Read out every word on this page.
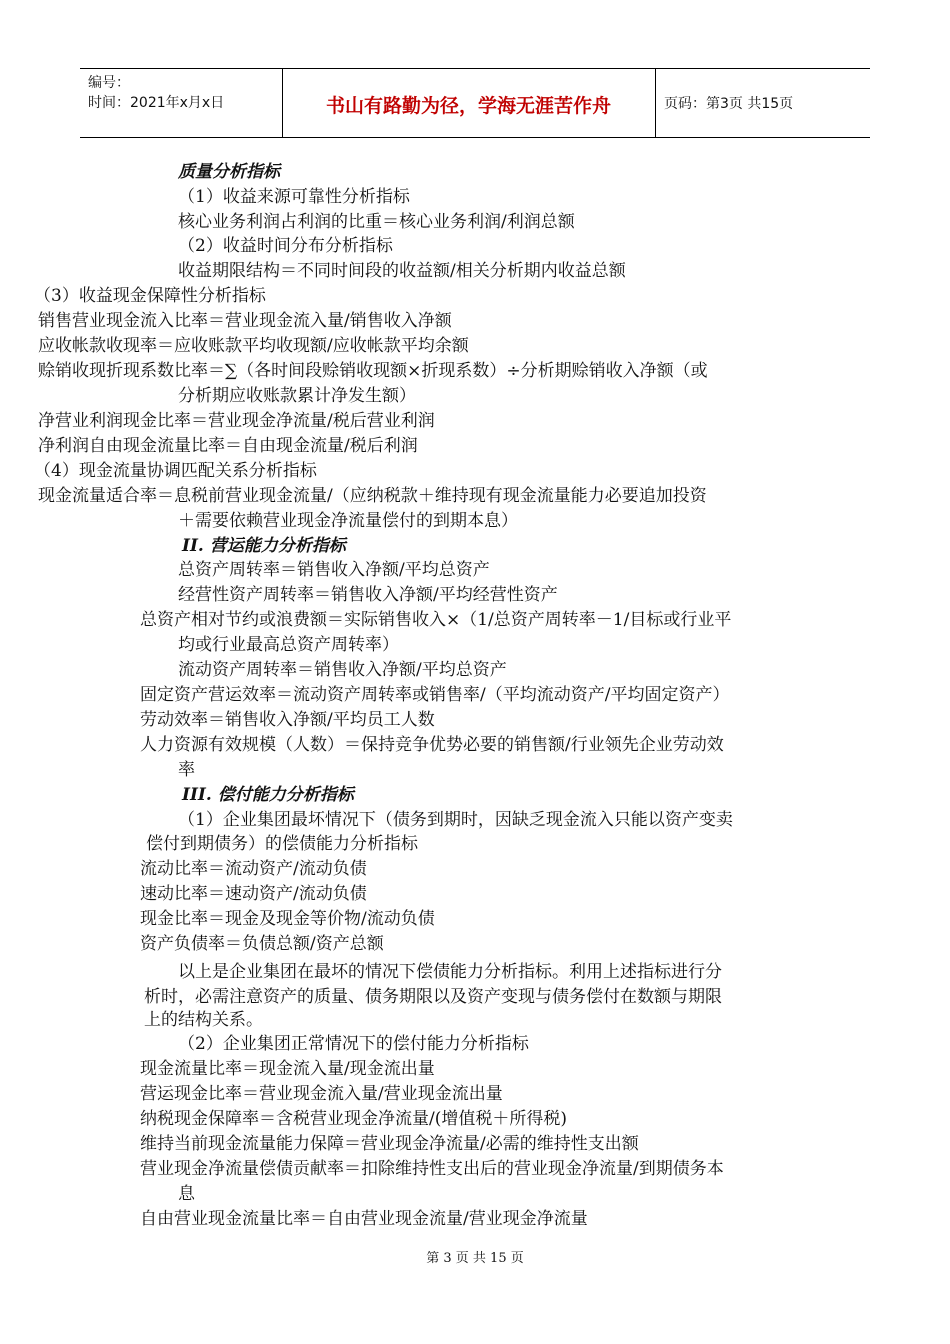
编号：
时间：2021年x月x日	书山有路勤为径，学海无涯苦作舟	页码：第3页 共15页
质量分析指标
（1）收益来源可靠性分析指标
核心业务利润占利润的比重＝核心业务利润/利润总额
（2）收益时间分布分析指标
收益期限结构＝不同时间段的收益额/相关分析期内收益总额
（3）收益现金保障性分析指标
销售营业现金流入比率＝营业现金流入量/销售收入净额
应收帐款收现率＝应收账款平均收现额/应收帐款平均余额
赊销收现折现系数比率＝∑（各时间段赊销收现额×折现系数）÷分析期赊销收入净额（或
分析期应收账款累计净发生额）
净营业利润现金比率＝营业现金净流量/税后营业利润
净利润自由现金流量比率＝自由现金流量/税后利润
（4）现金流量协调匹配关系分析指标
现金流量适合率＝息税前营业现金流量/（应纳税款＋维持现有现金流量能力必要追加投资
＋需要依赖营业现金净流量偿付的到期本息）
II. 营运能力分析指标
总资产周转率＝销售收入净额/平均总资产
经营性资产周转率＝销售收入净额/平均经营性资产
总资产相对节约或浪费额＝实际销售收入×（1/总资产周转率－1/目标或行业平
均或行业最高总资产周转率）
流动资产周转率＝销售收入净额/平均总资产
固定资产营运效率＝流动资产周转率或销售率/（平均流动资产/平均固定资产）
劳动效率＝销售收入净额/平均员工人数
人力资源有效规模（人数）＝保持竞争优势必要的销售额/行业领先企业劳动效
率
III. 偿付能力分析指标
（1）企业集团最坏情况下（债务到期时，因缺乏现金流入只能以资产变卖
偿付到期债务）的偿债能力分析指标
流动比率＝流动资产/流动负债
速动比率＝速动资产/流动负债
现金比率＝现金及现金等价物/流动负债
资产负债率＝负债总额/资产总额
以上是企业集团在最坏的情况下偿债能力分析指标。利用上述指标进行分
析时，必需注意资产的质量、债务期限以及资产变现与债务偿付在数额与期限
上的结构关系。
（2）企业集团正常情况下的偿付能力分析指标
现金流量比率＝现金流入量/现金流出量
营运现金比率＝营业现金流入量/营业现金流出量
纳税现金保障率＝含税营业现金净流量/(增值税＋所得税)
维持当前现金流量能力保障＝营业现金净流量/必需的维持性支出额
营业现金净流量偿债贡献率＝扣除维持性支出后的营业现金净流量/到期债务本
息
自由营业现金流量比率＝自由营业现金流量/营业现金净流量
第 3 页 共 15 页
